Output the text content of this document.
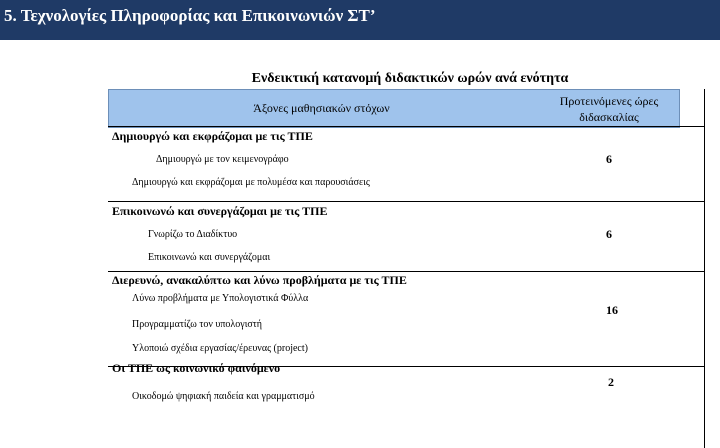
5. Τεχνολογίες Πληροφορίας και Επικοινωνιών ΣΤ’
Ενδεικτική κατανομή διδακτικών ωρών ανά ενότητα
Άξονες μαθησιακών στόχων	Προτεινόμενες ώρες
διδασκαλίας
Δημιουργώ και εκφράζομαι με τις ΤΠΕ
Δημιουργώ με τον κειμενογράφο
Δημιουργώ και εκφράζομαι με πολυμέσα και παρουσιάσεις
6
Επικοινωνώ και συνεργάζομαι με τις ΤΠΕ
Γνωρίζω το Διαδίκτυο
Επικοινωνώ και συνεργάζομαι
6
Διερευνώ, ανακαλύπτω και λύνω προβλήματα με τις ΤΠΕ
Λύνω προβλήματα με Υπολογιστικά Φύλλα
Προγραμματίζω τον υπολογιστή
Υλοποιώ σχέδια εργασίας/έρευνας (project)
16
Οι ΤΠΕ ως κοινωνικό φαινόμενο
Οικοδομώ ψηφιακή παιδεία και γραμματισμό
2
